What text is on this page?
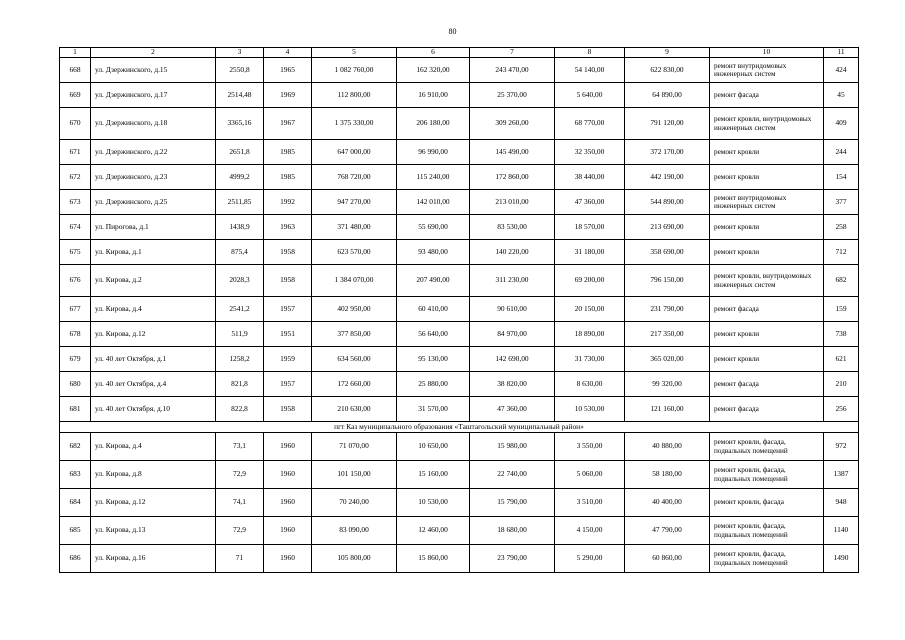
80
1	2	3	4	5	6	7	8	9	10	11
668	ул. Дзержинского, д.15	2550,8	1965	1 082 760,00	162 320,00	243 470,00	54 140,00	622 830,00	ремонт внутридомовых инженерных систем	424
669	ул. Дзержинского, д.17	2514,48	1969	112 800,00	16 910,00	25 370,00	5 640,00	64 890,00	ремонт фасада	45
670	ул. Дзержинского, д.18	3365,16	1967	1 375 330,00	206 180,00	309 260,00	68 770,00	791 120,00	ремонт кровли, внутридомовых инженерных систем	409
671	ул. Дзержинского, д.22	2651,8	1985	647 000,00	96 990,00	145 490,00	32 350,00	372 170,00	ремонт кровли	244
672	ул. Дзержинского, д.23	4999,2	1985	768 720,00	115 240,00	172 860,00	38 440,00	442 190,00	ремонт кровли	154
673	ул. Дзержинского, д.25	2511,85	1992	947 270,00	142 010,00	213 010,00	47 360,00	544 890,00	ремонт внутридомовых инженерных систем	377
674	ул. Пирогова, д.1	1438,9	1963	371 480,00	55 690,00	83 530,00	18 570,00	213 690,00	ремонт кровли	258
675	ул. Кирова, д.1	875,4	1958	623 570,00	93 480,00	140 220,00	31 180,00	358 690,00	ремонт кровли	712
676	ул. Кирова, д.2	2028,3	1958	1 384 070,00	207 490,00	311 230,00	69 200,00	796 150,00	ремонт кровли, внутридомовых инженерных систем	682
677	ул. Кирова, д.4	2541,2	1957	402 950,00	60 410,00	90 610,00	20 150,00	231 790,00	ремонт фасада	159
678	ул. Кирова, д.12	511,9	1951	377 850,00	56 640,00	84 970,00	18 890,00	217 350,00	ремонт кровли	738
679	ул. 40 лет Октября, д.1	1258,2	1959	634 560,00	95 130,00	142 690,00	31 730,00	365 020,00	ремонт кровли	621
680	ул. 40 лет Октября, д.4	821,8	1957	172 660,00	25 880,00	38 820,00	8 630,00	99 320,00	ремонт фасада	210
681	ул. 40 лет Октября, д.10	822,8	1958	210 630,00	31 570,00	47 360,00	10 530,00	121 160,00	ремонт фасада	256
пгт Каз муниципального образования «Таштагольский муниципальный район»										
682	ул. Кирова, д.4	73,1	1960	71 070,00	10 650,00	15 980,00	3 550,00	40 880,00	ремонт кровли, фасада, подвальных помещений	972
683	ул. Кирова, д.8	72,9	1960	101 150,00	15 160,00	22 740,00	5 060,00	58 180,00	ремонт кровли, фасада, подвальных помещений	1387
684	ул. Кирова, д.12	74,1	1960	70 240,00	10 530,00	15 790,00	3 510,00	40 400,00	ремонт кровли, фасада	948
685	ул. Кирова, д.13	72,9	1960	83 090,00	12 460,00	18 680,00	4 150,00	47 790,00	ремонт кровли, фасада, подвальных помещений	1140
686	ул. Кирова, д.16	71	1960	105 800,00	15 860,00	23 790,00	5 290,00	60 860,00	ремонт кровли, фасада, подвальных помещений	1490
